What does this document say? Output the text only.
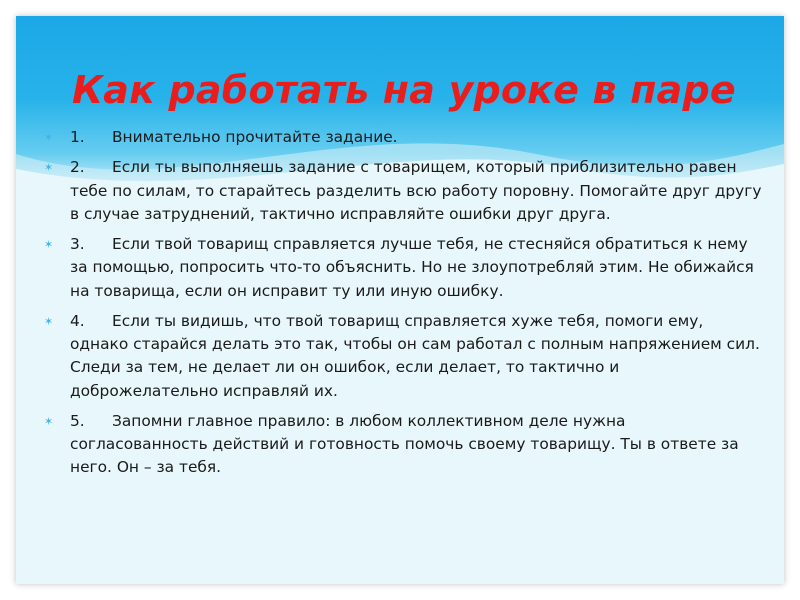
Как работать на уроке в паре
✶ 1. Внимательно прочитайте задание.
✶ 2. Если ты выполняешь задание с товарищем, который приблизительно равен тебе по силам, то старайтесь разделить всю работу поровну. Помогайте друг другу в случае затруднений, тактично исправляйте ошибки друг друга.
✶ 3. Если твой товарищ справляется лучше тебя, не стесняйся обратиться к нему за помощью, попросить что-то объяснить. Но не злоупотребляй этим. Не обижайся на товарища, если он исправит ту или иную ошибку.
✶ 4. Если ты видишь, что твой товарищ справляется хуже тебя, помоги ему, однако старайся делать это так, чтобы он сам работал с полным напряжением сил. Следи за тем, не делает ли он ошибок, если делает, то тактично и доброжелательно исправляй их.
✶ 5. Запомни главное правило: в любом коллективном деле нужна согласованность действий и готовность помочь своему товарищу. Ты в ответе за него. Он – за тебя.
